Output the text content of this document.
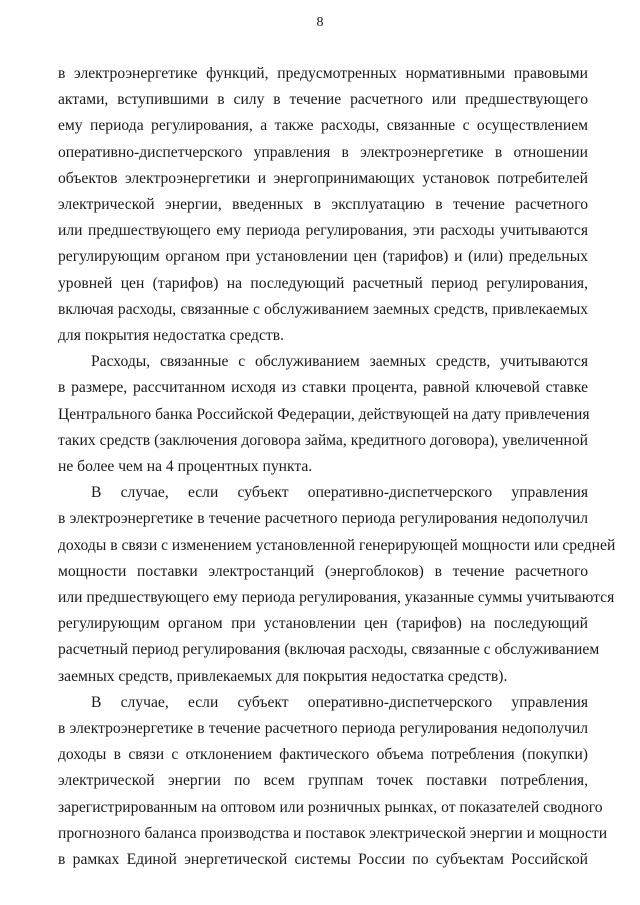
8
в электроэнергетике функций, предусмотренных нормативными правовыми
актами, вступившими в силу в течение расчетного или предшествующего
ему периода регулирования, а также расходы, связанные с осуществлением
оперативно-диспетчерского управления в электроэнергетике в отношении
объектов электроэнергетики и энергопринимающих установок потребителей
электрической энергии, введенных в эксплуатацию в течение расчетного
или предшествующего ему периода регулирования, эти расходы учитываются
регулирующим органом при установлении цен (тарифов) и (или) предельных
уровней цен (тарифов) на последующий расчетный период регулирования,
включая расходы, связанные с обслуживанием заемных средств, привлекаемых
для покрытия недостатка средств.
Расходы, связанные с обслуживанием заемных средств, учитываются
в размере, рассчитанном исходя из ставки процента, равной ключевой ставке
Центрального банка Российской Федерации, действующей на дату привлечения
таких средств (заключения договора займа, кредитного договора), увеличенной
не более чем на 4 процентных пункта.
В случае, если субъект оперативно-диспетчерского управления
в электроэнергетике в течение расчетного периода регулирования недополучил
доходы в связи с изменением установленной генерирующей мощности или средней
мощности поставки электростанций (энергоблоков) в течение расчетного
или предшествующего ему периода регулирования, указанные суммы учитываются
регулирующим органом при установлении цен (тарифов) на последующий
расчетный период регулирования (включая расходы, связанные с обслуживанием
заемных средств, привлекаемых для покрытия недостатка средств).
В случае, если субъект оперативно-диспетчерского управления
в электроэнергетике в течение расчетного периода регулирования недополучил
доходы в связи с отклонением фактического объема потребления (покупки)
электрической энергии по всем группам точек поставки потребления,
зарегистрированным на оптовом или розничных рынках, от показателей сводного
прогнозного баланса производства и поставок электрической энергии и мощности
в рамках Единой энергетической системы России по субъектам Российской
